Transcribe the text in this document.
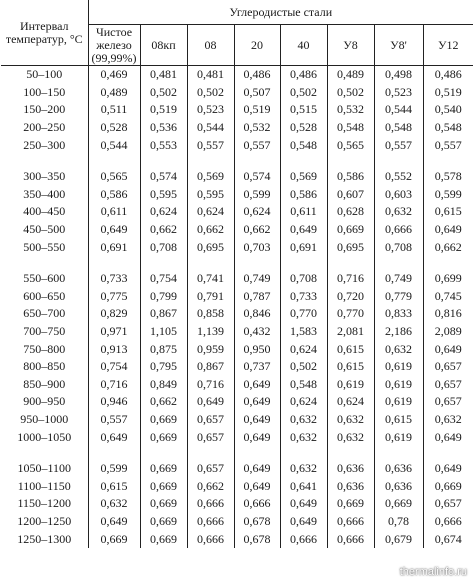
Интервал
температур, °С	Углеродистые стали							

	Чистое
железо
(99,99%)	08кп	08	20	40	У8	У8'	У12

50–100	0,469	0,481	0,481	0,486	0,486	0,489	0,498	0,486
100–150	0,489	0,502	0,502	0,507	0,502	0,502	0,523	0,519
150–200	0,511	0,519	0,523	0,519	0,515	0,532	0,544	0,540
200–250	0,528	0,536	0,544	0,532	0,528	0,548	0,548	0,548
250–300	0,544	0,553	0,557	0,557	0,548	0,565	0,557	0,557

300–350	0,565	0,574	0,569	0,574	0,569	0,586	0,552	0,578
350–400	0,586	0,595	0,595	0,599	0,586	0,607	0,603	0,599
400–450	0,611	0,624	0,624	0,624	0,611	0,628	0,632	0,615
450–500	0,649	0,662	0,662	0,662	0,649	0,669	0,666	0,649
500–550	0,691	0,708	0,695	0,703	0,691	0,695	0,708	0,662

550–600	0,733	0,754	0,741	0,749	0,708	0,716	0,749	0,699
600–650	0,775	0,799	0,791	0,787	0,733	0,720	0,779	0,745
650–700	0,829	0,867	0,858	0,846	0,770	0,770	0,833	0,816
700–750	0,971	1,105	1,139	0,432	1,583	2,081	2,186	2,089
750–800	0,913	0,875	0,959	0,950	0,624	0,615	0,632	0,649
800–850	0,754	0,795	0,867	0,737	0,502	0,615	0,619	0,657
850–900	0,716	0,849	0,716	0,649	0,548	0,619	0,619	0,657
900–950	0,946	0,662	0,649	0,649	0,624	0,624	0,619	0,657
950–1000	0,557	0,669	0,657	0,649	0,632	0,632	0,615	0,632
1000–1050	0,649	0,669	0,657	0,649	0,632	0,632	0,619	0,649

1050–1100	0,599	0,669	0,657	0,649	0,632	0,636	0,636	0,649
1100–1150	0,615	0,669	0,662	0,649	0,641	0,636	0,636	0,669
1150–1200	0,632	0,669	0,666	0,666	0,649	0,669	0,669	0,657
1200–1250	0,649	0,669	0,666	0,678	0,649	0,666	0,78	0,666
1250–1300	0,669	0,669	0,666	0,678	0,666	0,666	0,679	0,674
thermalinfo.ru
